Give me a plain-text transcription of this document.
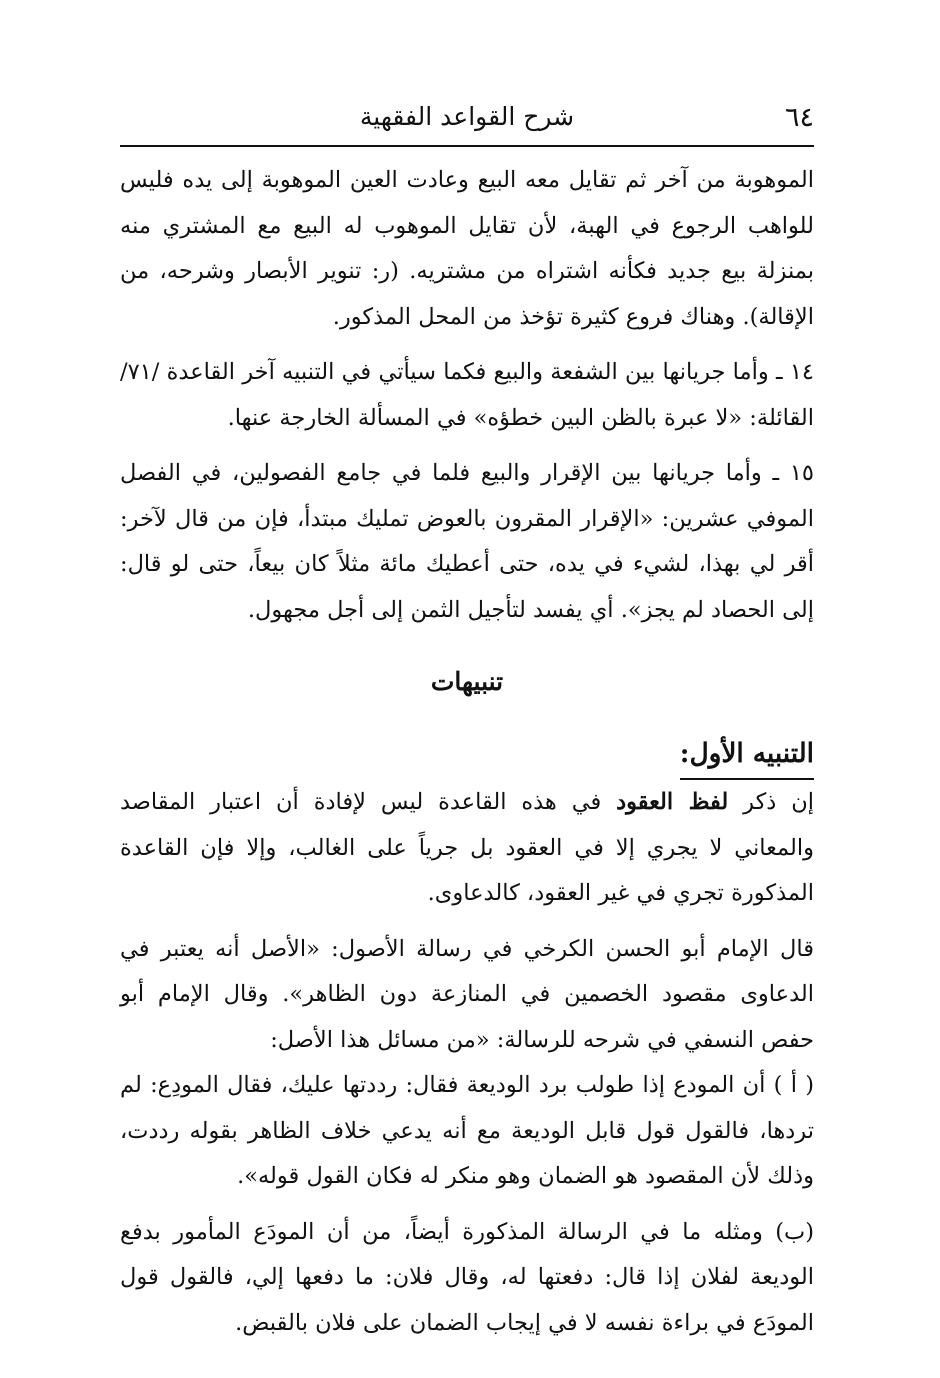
٦٤
شرح القواعد الفقهية

الموهوبة من آخر ثم تقايل معه البيع وعادت العين الموهوبة إلى يده فليس للواهب الرجوع في الهبة، لأن تقايل الموهوب له البيع مع المشتري منه بمنزلة بيع جديد فكأنه اشتراه من مشتريه. (ر: تنوير الأبصار وشرحه، من الإقالة). وهناك فروع كثيرة تؤخذ من المحل المذكور.

١٤ ـ وأما جريانها بين الشفعة والبيع فكما سيأتي في التنبيه آخر القاعدة /٧١/ القائلة: «لا عبرة بالظن البين خطؤه» في المسألة الخارجة عنها.

١٥ ـ وأما جريانها بين الإقرار والبيع فلما في جامع الفصولين، في الفصل الموفي عشرين: «الإقرار المقرون بالعوض تمليك مبتدأ، فإن من قال لآخر: أقر لي بهذا، لشيء في يده، حتى أعطيك مائة مثلاً كان بيعاً، حتى لو قال: إلى الحصاد لم يجز». أي يفسد لتأجيل الثمن إلى أجل مجهول.

تنبيهات
التنبيه الأول:

إن ذكر لفظ العقود في هذه القاعدة ليس لإفادة أن اعتبار المقاصد والمعاني لا يجري إلا في العقود بل جرياً على الغالب، وإلا فإن القاعدة المذكورة تجري في غير العقود، كالدعاوى.

قال الإمام أبو الحسن الكرخي في رسالة الأصول: «الأصل أنه يعتبر في الدعاوى مقصود الخصمين في المنازعة دون الظاهر». وقال الإمام أبو حفص النسفي في شرحه للرسالة: «من مسائل هذا الأصل:

( أ ) أن المودع إذا طولب برد الوديعة فقال: رددتها عليك، فقال المودِع: لم تردها، فالقول قول قابل الوديعة مع أنه يدعي خلاف الظاهر بقوله رددت، وذلك لأن المقصود هو الضمان وهو منكر له فكان القول قوله».

(ب) ومثله ما في الرسالة المذكورة أيضاً، من أن المودَع المأمور بدفع الوديعة لفلان إذا قال: دفعتها له، وقال فلان: ما دفعها إلي، فالقول قول المودَع في براءة نفسه لا في إيجاب الضمان على فلان بالقبض.
